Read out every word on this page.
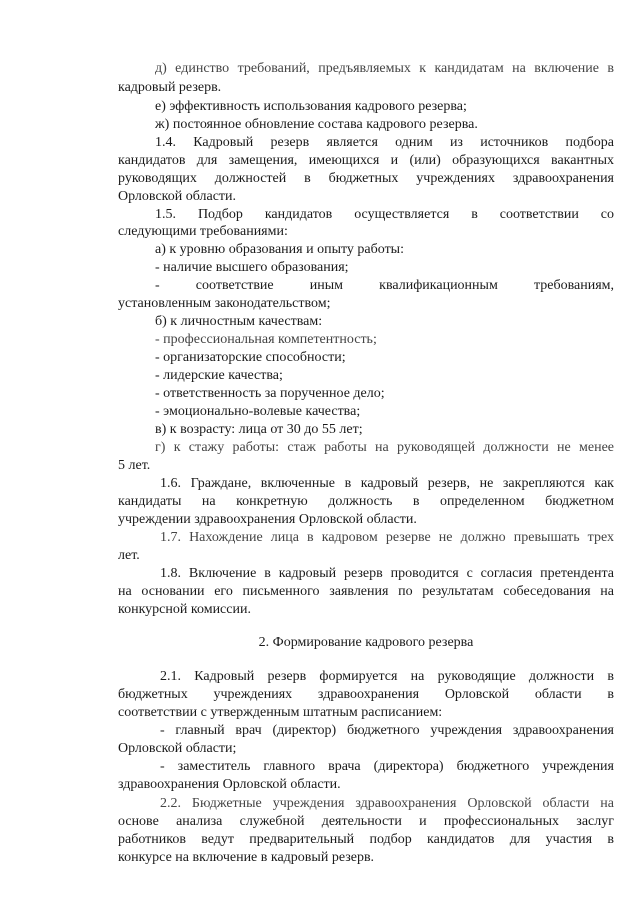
д) единство требований, предъявляемых к кандидатам на включение в
кадровый резерв.
е) эффективность использования кадрового резерва;
ж) постоянное обновление состава кадрового резерва.
1.4. Кадровый резерв является одним из источников подбора
кандидатов для замещения, имеющихся и (или) образующихся вакантных
руководящих должностей в бюджетных учреждениях здравоохранения
Орловской области.
1.5. Подбор кандидатов осуществляется в соответствии со
следующими требованиями:
а) к уровню образования и опыту работы:
- наличие высшего образования;
- соответствие иным квалификационным требованиям,
установленным законодательством;
б) к личностным качествам:
- профессиональная компетентность;
- организаторские способности;
- лидерские качества;
- ответственность за порученное дело;
- эмоционально-волевые качества;
в) к возрасту: лица от 30 до 55 лет;
г) к стажу работы: стаж работы на руководящей должности не менее
5 лет.
1.6. Граждане, включенные в кадровый резерв, не закрепляются как
кандидаты на конкретную должность в определенном бюджетном
учреждении здравоохранения Орловской области.
1.7. Нахождение лица в кадровом резерве не должно превышать трех
лет.
1.8. Включение в кадровый резерв проводится с согласия претендента
на основании его письменного заявления по результатам собеседования на
конкурсной комиссии.
2. Формирование кадрового резерва
2.1. Кадровый резерв формируется на руководящие должности в
бюджетных учреждениях здравоохранения Орловской области в
соответствии с утвержденным штатным расписанием:
- главный врач (директор) бюджетного учреждения здравоохранения
Орловской области;
- заместитель главного врача (директора) бюджетного учреждения
здравоохранения Орловской области.
2.2. Бюджетные учреждения здравоохранения Орловской области на
основе анализа служебной деятельности и профессиональных заслуг
работников ведут предварительный подбор кандидатов для участия в
конкурсе на включение в кадровый резерв.
